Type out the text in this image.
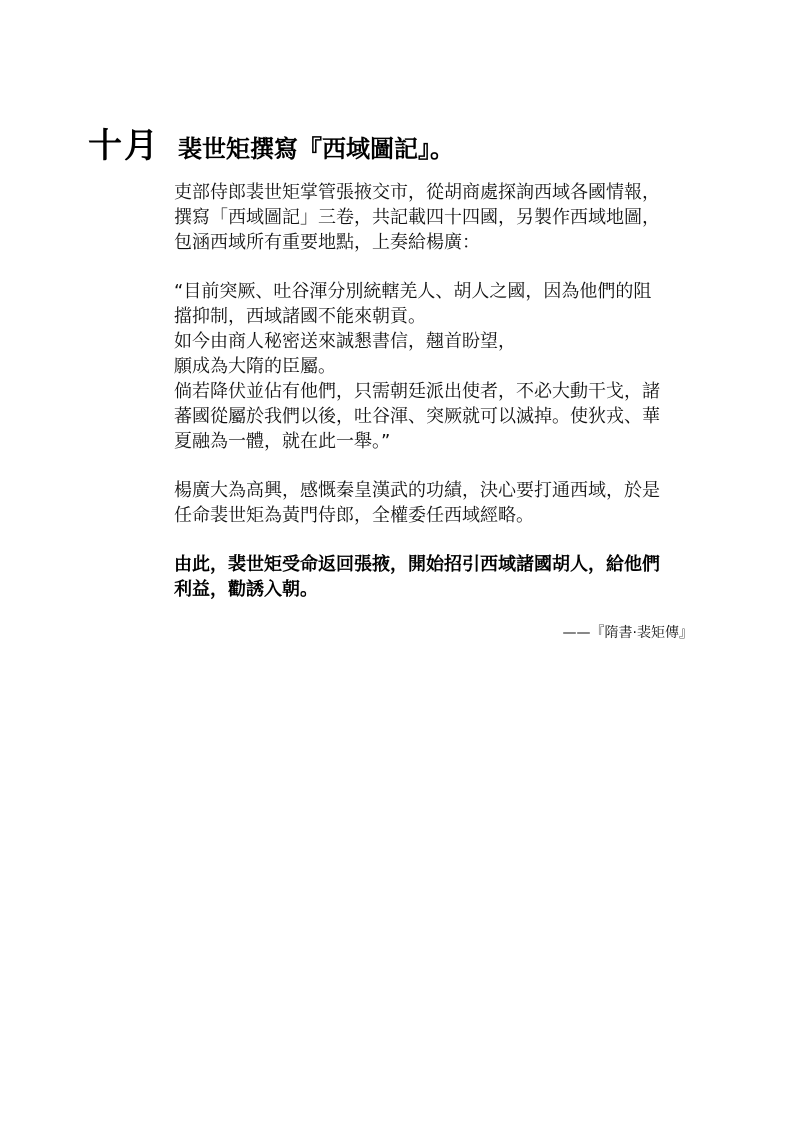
十月 裴世矩撰寫『西域圖記』。
吏部侍郎裴世矩掌管張掖交市，從胡商處探詢西域各國情報，
撰寫「西域圖記」三卷，共記載四十四國，另製作西域地圖，
包涵西域所有重要地點，上奏給楊廣：
“目前突厥、吐谷渾分別統轄羌人、胡人之國，因為他們的阻
擋抑制，西域諸國不能來朝貢。
如今由商人秘密送來誠懇書信，翹首盼望，
願成為大隋的臣屬。
倘若降伏並佔有他們，只需朝廷派出使者，不必大動干戈，諸
蕃國從屬於我們以後，吐谷渾、突厥就可以滅掉。使狄戎、華
夏融為一體，就在此一舉。”
楊廣大為高興，感慨秦皇漢武的功績，決心要打通西域，於是
任命裴世矩為黃門侍郎，全權委任西域經略。
由此，裴世矩受命返回張掖，開始招引西域諸國胡人，給他們
利益，勸誘入朝。
——『隋書·裴矩傳』
